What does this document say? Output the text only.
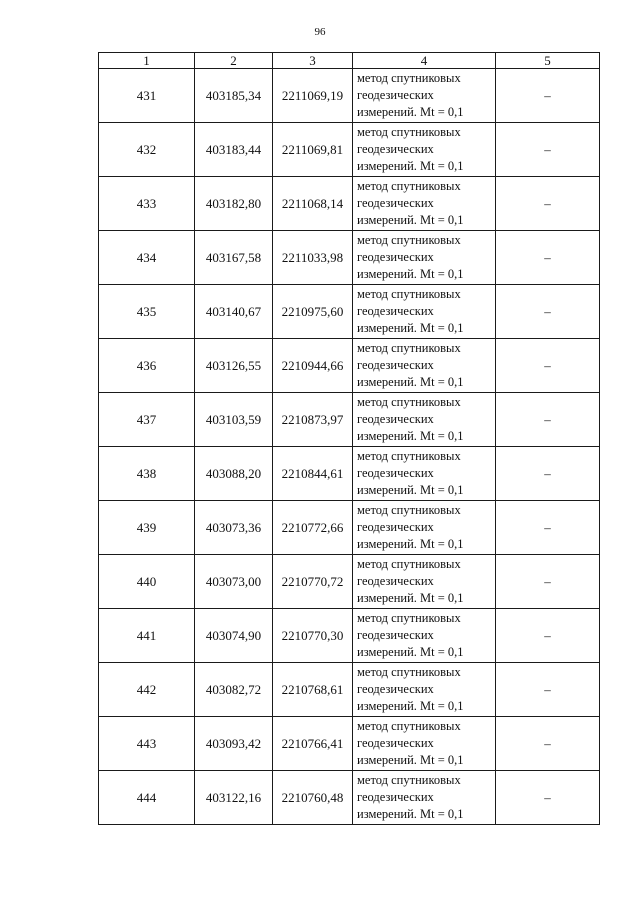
96
1	2	3	4	5
431	403185,34	2211069,19	метод спутниковых
геодезических
измерений. Mt = 0,1	–
432	403183,44	2211069,81	метод спутниковых
геодезических
измерений. Mt = 0,1	–
433	403182,80	2211068,14	метод спутниковых
геодезических
измерений. Mt = 0,1	–
434	403167,58	2211033,98	метод спутниковых
геодезических
измерений. Mt = 0,1	–
435	403140,67	2210975,60	метод спутниковых
геодезических
измерений. Mt = 0,1	–
436	403126,55	2210944,66	метод спутниковых
геодезических
измерений. Mt = 0,1	–
437	403103,59	2210873,97	метод спутниковых
геодезических
измерений. Mt = 0,1	–
438	403088,20	2210844,61	метод спутниковых
геодезических
измерений. Mt = 0,1	–
439	403073,36	2210772,66	метод спутниковых
геодезических
измерений. Mt = 0,1	–
440	403073,00	2210770,72	метод спутниковых
геодезических
измерений. Mt = 0,1	–
441	403074,90	2210770,30	метод спутниковых
геодезических
измерений. Mt = 0,1	–
442	403082,72	2210768,61	метод спутниковых
геодезических
измерений. Mt = 0,1	–
443	403093,42	2210766,41	метод спутниковых
геодезических
измерений. Mt = 0,1	–
444	403122,16	2210760,48	метод спутниковых
геодезических
измерений. Mt = 0,1	–
